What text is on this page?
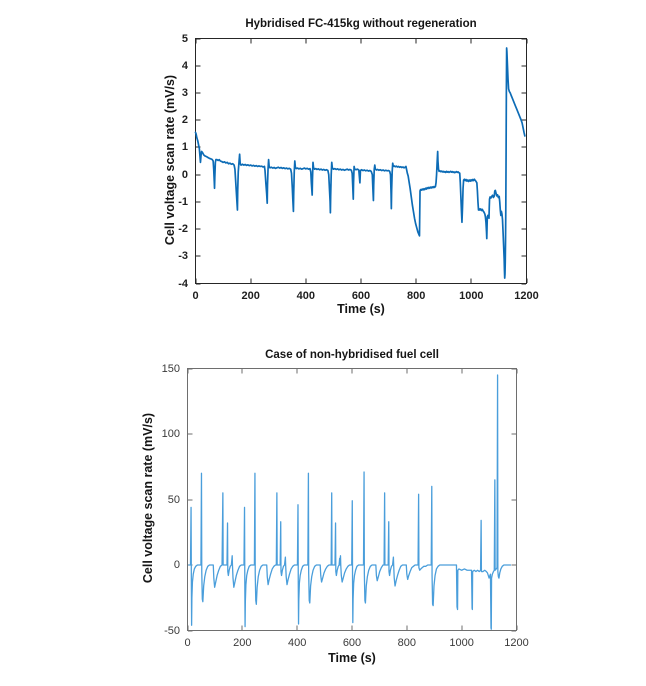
Hybridised FC-415kg without regeneration
Cell voltage scan rate (mV/s)
Time (s)
0	200	400	600	800	1000	1200
-4
-3
-2
-1
0
1
2
3
4
5
Case of non-hybridised fuel cell
Cell voltage scan rate (mV/s)
Time (s)
0	200	400	600	800	1000	1200
-50
0
50
100
150
